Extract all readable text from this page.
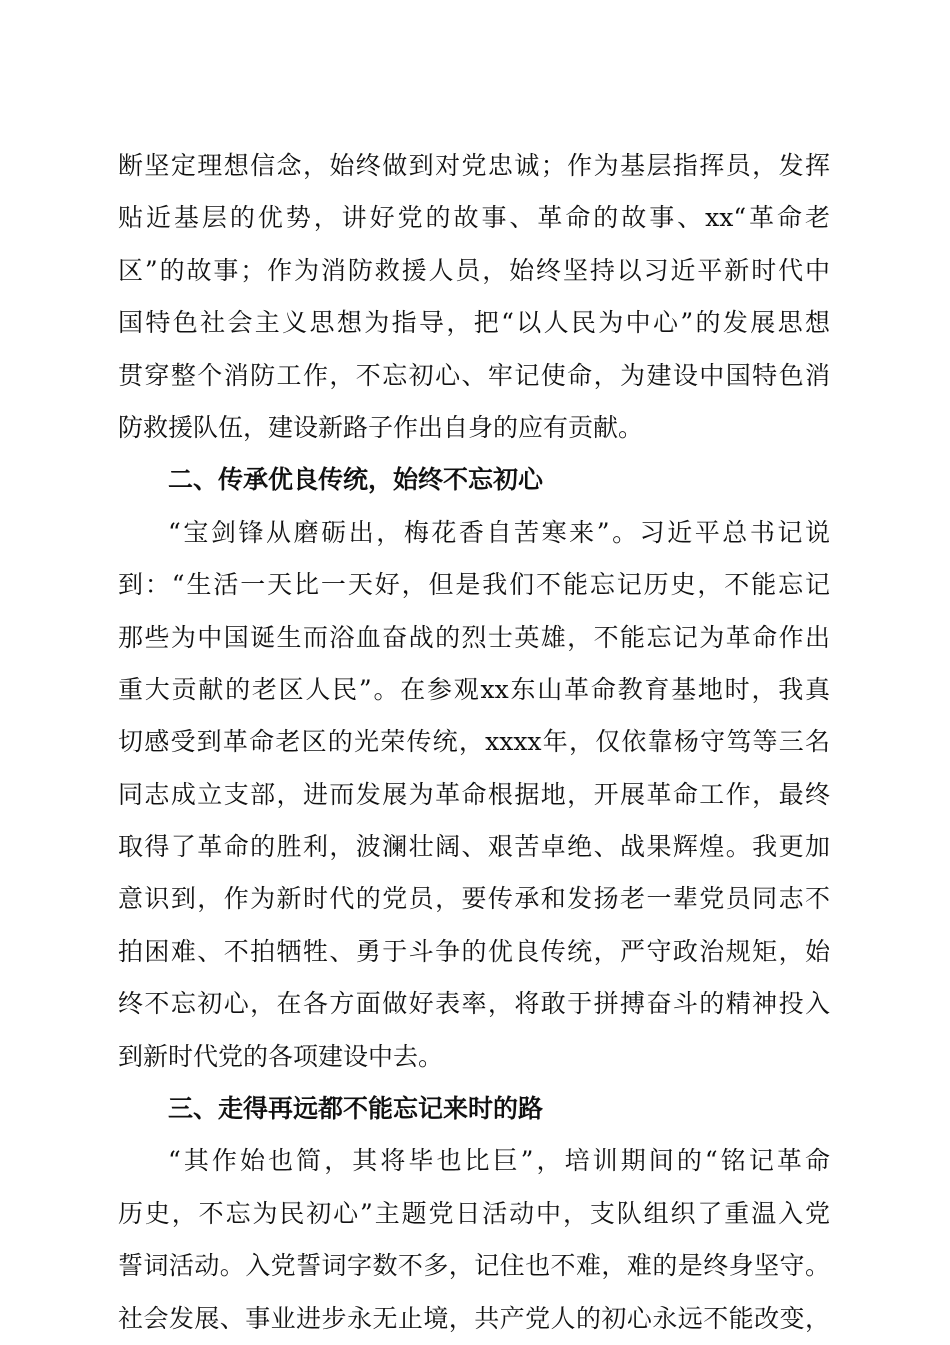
断坚定理想信念，始终做到对党忠诚；作为基层指挥员，发挥
贴近基层的优势，讲好党的故事、革命的故事、xx“革命老
区”的故事；作为消防救援人员，始终坚持以习近平新时代中
国特色社会主义思想为指导，把“以人民为中心”的发展思想
贯穿整个消防工作，不忘初心、牢记使命，为建设中国特色消
防救援队伍，建设新路子作出自身的应有贡献。
二、传承优良传统，始终不忘初心
“宝剑锋从磨砺出，梅花香自苦寒来”。习近平总书记说
到：“生活一天比一天好，但是我们不能忘记历史，不能忘记
那些为中国诞生而浴血奋战的烈士英雄，不能忘记为革命作出
重大贡献的老区人民”。在参观xx东山革命教育基地时，我真
切感受到革命老区的光荣传统，xxxx年，仅依靠杨守笃等三名
同志成立支部，进而发展为革命根据地，开展革命工作，最终
取得了革命的胜利，波澜壮阔、艰苦卓绝、战果辉煌。我更加
意识到，作为新时代的党员，要传承和发扬老一辈党员同志不
拍困难、不拍牺牲、勇于斗争的优良传统，严守政治规矩，始
终不忘初心，在各方面做好表率，将敢于拼搏奋斗的精神投入
到新时代党的各项建设中去。
三、走得再远都不能忘记来时的路
“其作始也简，其将毕也比巨”，培训期间的“铭记革命
历史，不忘为民初心”主题党日活动中，支队组织了重温入党
誓词活动。入党誓词字数不多，记住也不难，难的是终身坚守。
社会发展、事业进步永无止境，共产党人的初心永远不能改变，
